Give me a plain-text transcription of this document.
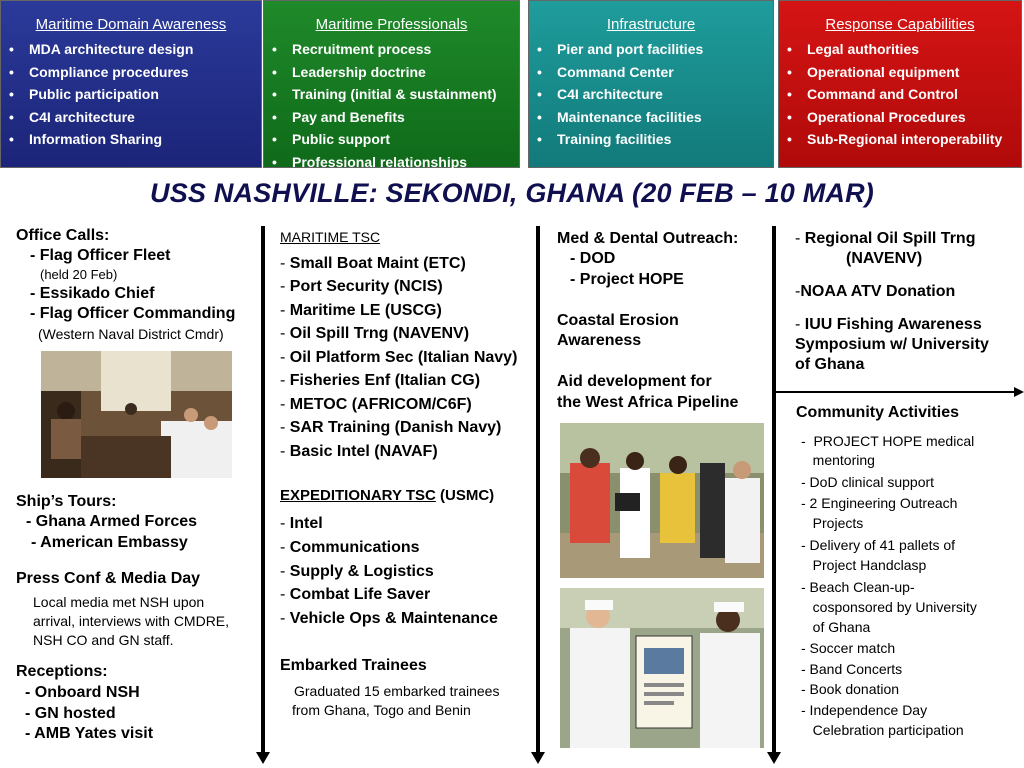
Maritime Domain Awareness
• MDA architecture design
• Compliance procedures
• Public participation
• C4I architecture
• Information Sharing
Maritime Professionals
• Recruitment process
• Leadership doctrine
• Training (initial & sustainment)
• Pay and Benefits
• Public support
• Professional relationships
Infrastructure
• Pier and port facilities
• Command Center
• C4I architecture
• Maintenance facilities
• Training facilities
Response Capabilities
• Legal authorities
• Operational equipment
• Command and Control
• Operational Procedures
• Sub-Regional interoperability
USS NASHVILLE: SEKONDI, GHANA (20 FEB – 10 MAR)
Office Calls:
- Flag Officer Fleet
(held 20 Feb)
- Essikado Chief
- Flag Officer Commanding
(Western Naval District Cmdr)
Ship’s Tours:
- Ghana Armed Forces
- American Embassy
Press Conf & Media Day
Local media met NSH upon
arrival, interviews with CMDRE,
NSH CO and GN staff.
Receptions:
- Onboard NSH
- GN hosted
- AMB Yates visit
MARITIME TSC
- Small Boat Maint (ETC)
- Port Security (NCIS)
- Maritime LE (USCG)
- Oil Spill Trng (NAVENV)
- Oil Platform Sec (Italian Navy)
- Fisheries Enf (Italian CG)
- METOC (AFRICOM/C6F)
- SAR Training (Danish Navy)
- Basic Intel (NAVAF)
EXPEDITIONARY TSC (USMC)
- Intel
- Communications
- Supply & Logistics
- Combat Life Saver
- Vehicle Ops & Maintenance
Embarked Trainees
Graduated 15 embarked trainees
from Ghana, Togo and Benin
Med & Dental Outreach:
- DOD
- Project HOPE
Coastal Erosion
Awareness
Aid development for
the West Africa Pipeline
- Regional Oil Spill Trng
(NAVENV)
-NOAA ATV Donation
- IUU Fishing Awareness
Symposium w/ University
of Ghana
Community Activities
-  PROJECT HOPE medical
mentoring
- DoD clinical support
- 2 Engineering Outreach
Projects
- Delivery of 41 pallets of
Project Handclasp
- Beach Clean-up-
cosponsored by University
of Ghana
- Soccer match
- Band Concerts
- Book donation
- Independence Day
Celebration participation
